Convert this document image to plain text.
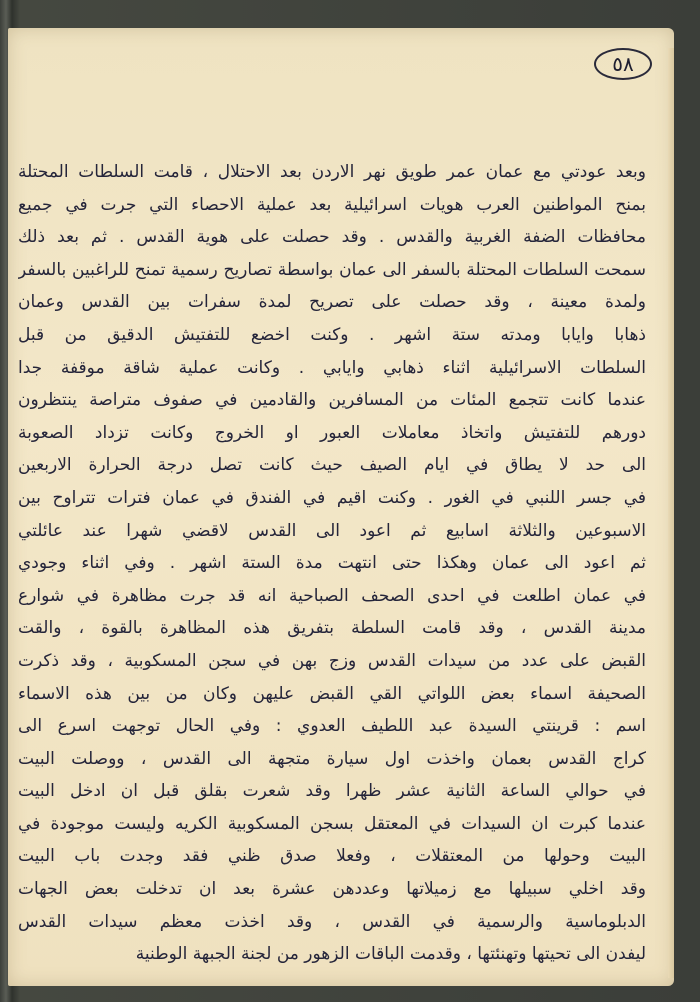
٥٨
وبعد عودتي مع عمان عمر طويق نهر الاردن بعد الاحتلال ، قامت السلطات المحتلة
بمنح المواطنين العرب هويات اسرائيلية بعد عملية الاحصاء التي جرت في جميع
محافظات الضفة الغربية والقدس . وقد حصلت على هوية القدس . ثم بعد ذلك
سمحت السلطات المحتلة بالسفر الى عمان بواسطة تصاريح رسمية تمنح للراغبين بالسفر
ولمدة معينة ، وقد حصلت على تصريح لمدة سفرات بين القدس وعمان
ذهابا وايابا ومدته ستة اشهر . وكنت اخضع للتفتيش الدقيق من قبل
السلطات الاسرائيلية اثناء ذهابي وايابي . وكانت عملية شاقة موقفة جدا
عندما كانت تتجمع المئات من المسافرين والقادمين في صفوف متراصة ينتظرون
دورهم للتفتيش واتخاذ معاملات العبور او الخروج وكانت تزداد الصعوبة
الى حد لا يطاق في ايام الصيف حيث كانت تصل درجة الحرارة الاربعين
في جسر اللنبي في الغور . وكنت اقيم في الفندق في عمان فترات تتراوح بين
الاسبوعين والثلاثة اسابيع ثم اعود الى القدس لاقضي شهرا عند عائلتي
ثم اعود الى عمان وهكذا حتى انتهت مدة الستة اشهر . وفي اثناء وجودي
في عمان اطلعت في احدى الصحف الصباحية انه قد جرت مظاهرة في شوارع
مدينة القدس ، وقد قامت السلطة بتفريق هذه المظاهرة بالقوة ، والقت
القبض على عدد من سيدات القدس وزج بهن في سجن المسكوبية ، وقد ذكرت
الصحيفة اسماء بعض اللواتي القي القبض عليهن وكان من بين هذه الاسماء
اسم : قرينتي السيدة عبد اللطيف العدوي : وفي الحال توجهت اسرع الى
كراج القدس بعمان واخذت اول سيارة متجهة الى القدس ، ووصلت البيت
في حوالي الساعة الثانية عشر ظهرا وقد شعرت بقلق قبل ان ادخل البيت
عندما كبرت ان السيدات في المعتقل بسجن المسكوبية الكريه وليست موجودة في
البيت وحولها من المعتقلات ، وفعلا صدق ظني فقد وجدت باب البيت
وقد اخلي سبيلها مع زميلاتها وعددهن عشرة بعد ان تدخلت بعض الجهات
الدبلوماسية والرسمية في القدس ، وقد اخذت معظم سيدات القدس
ليفدن الى تحيتها وتهنئتها ، وقدمت الباقات الزهور من لجنة الجبهة الوطنية
